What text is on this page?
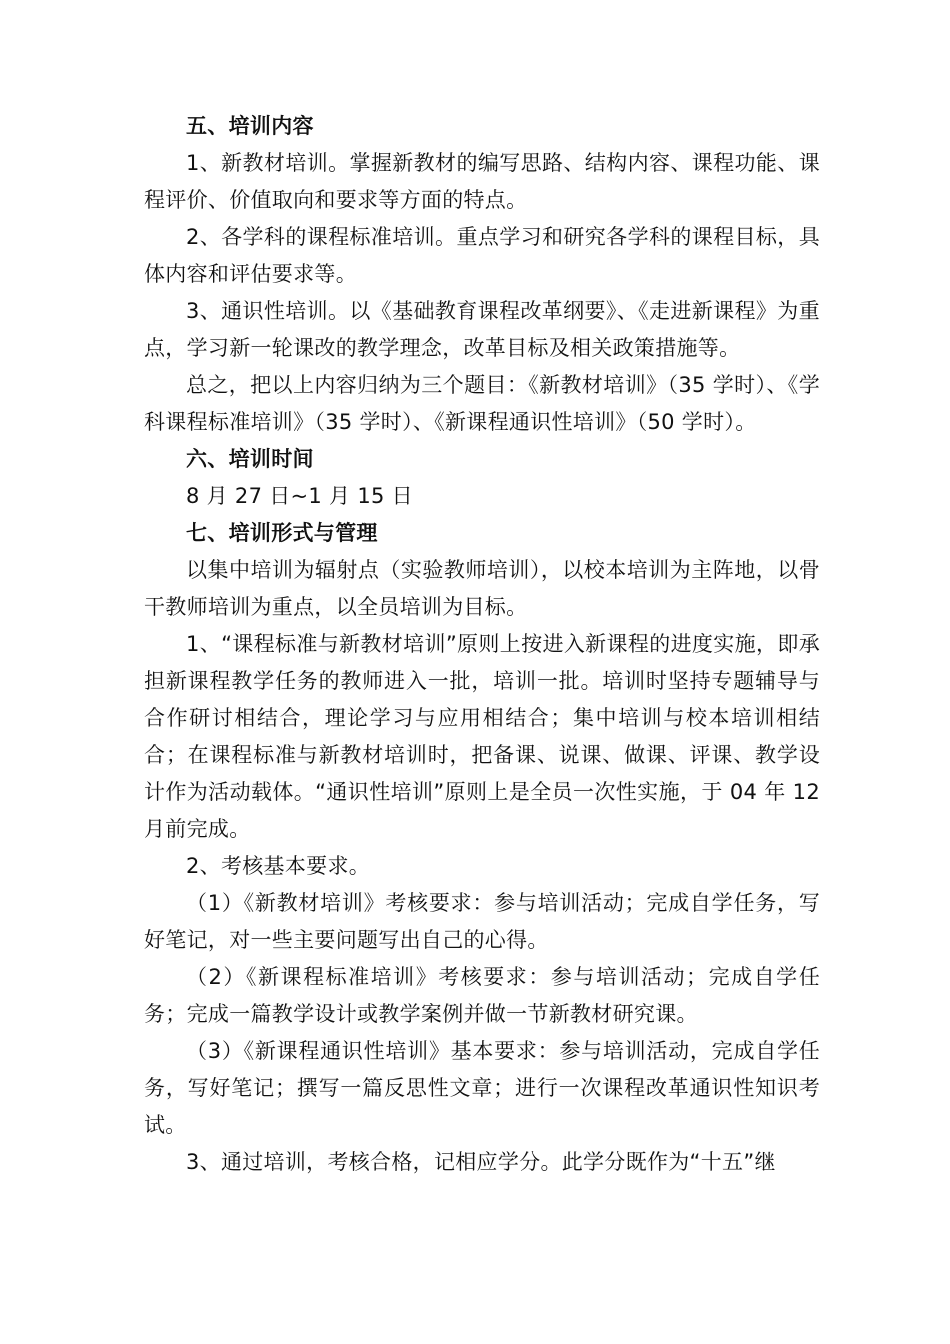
五、培训内容

1、新教材培训。掌握新教材的编写思路、结构内容、课程功能、课程评价、价值取向和要求等方面的特点。

2、各学科的课程标准培训。重点学习和研究各学科的课程目标，具体内容和评估要求等。

3、通识性培训。以《基础教育课程改革纲要》、《走进新课程》为重点，学习新一轮课改的教学理念，改革目标及相关政策措施等。

总之，把以上内容归纳为三个题目：《新教材培训》（35 学时）、《学科课程标准培训》（35 学时）、《新课程通识性培训》（50 学时）。

六、培训时间

8 月 27 日~1 月 15 日

七、培训形式与管理

以集中培训为辐射点（实验教师培训），以校本培训为主阵地，以骨干教师培训为重点，以全员培训为目标。

1、“课程标准与新教材培训”原则上按进入新课程的进度实施，即承担新课程教学任务的教师进入一批，培训一批。培训时坚持专题辅导与合作研讨相结合，理论学习与应用相结合；集中培训与校本培训相结合；在课程标准与新教材培训时，把备课、说课、做课、评课、教学设计作为活动载体。“通识性培训”原则上是全员一次性实施，于 04 年 12 月前完成。

2、考核基本要求。

（1）《新教材培训》考核要求：参与培训活动；完成自学任务，写好笔记，对一些主要问题写出自己的心得。

（2）《新课程标准培训》考核要求：参与培训活动；完成自学任务；完成一篇教学设计或教学案例并做一节新教材研究课。

（3）《新课程通识性培训》基本要求：参与培训活动，完成自学任务，写好笔记；撰写一篇反思性文章；进行一次课程改革通识性知识考试。

3、通过培训，考核合格，记相应学分。此学分既作为“十五”继
